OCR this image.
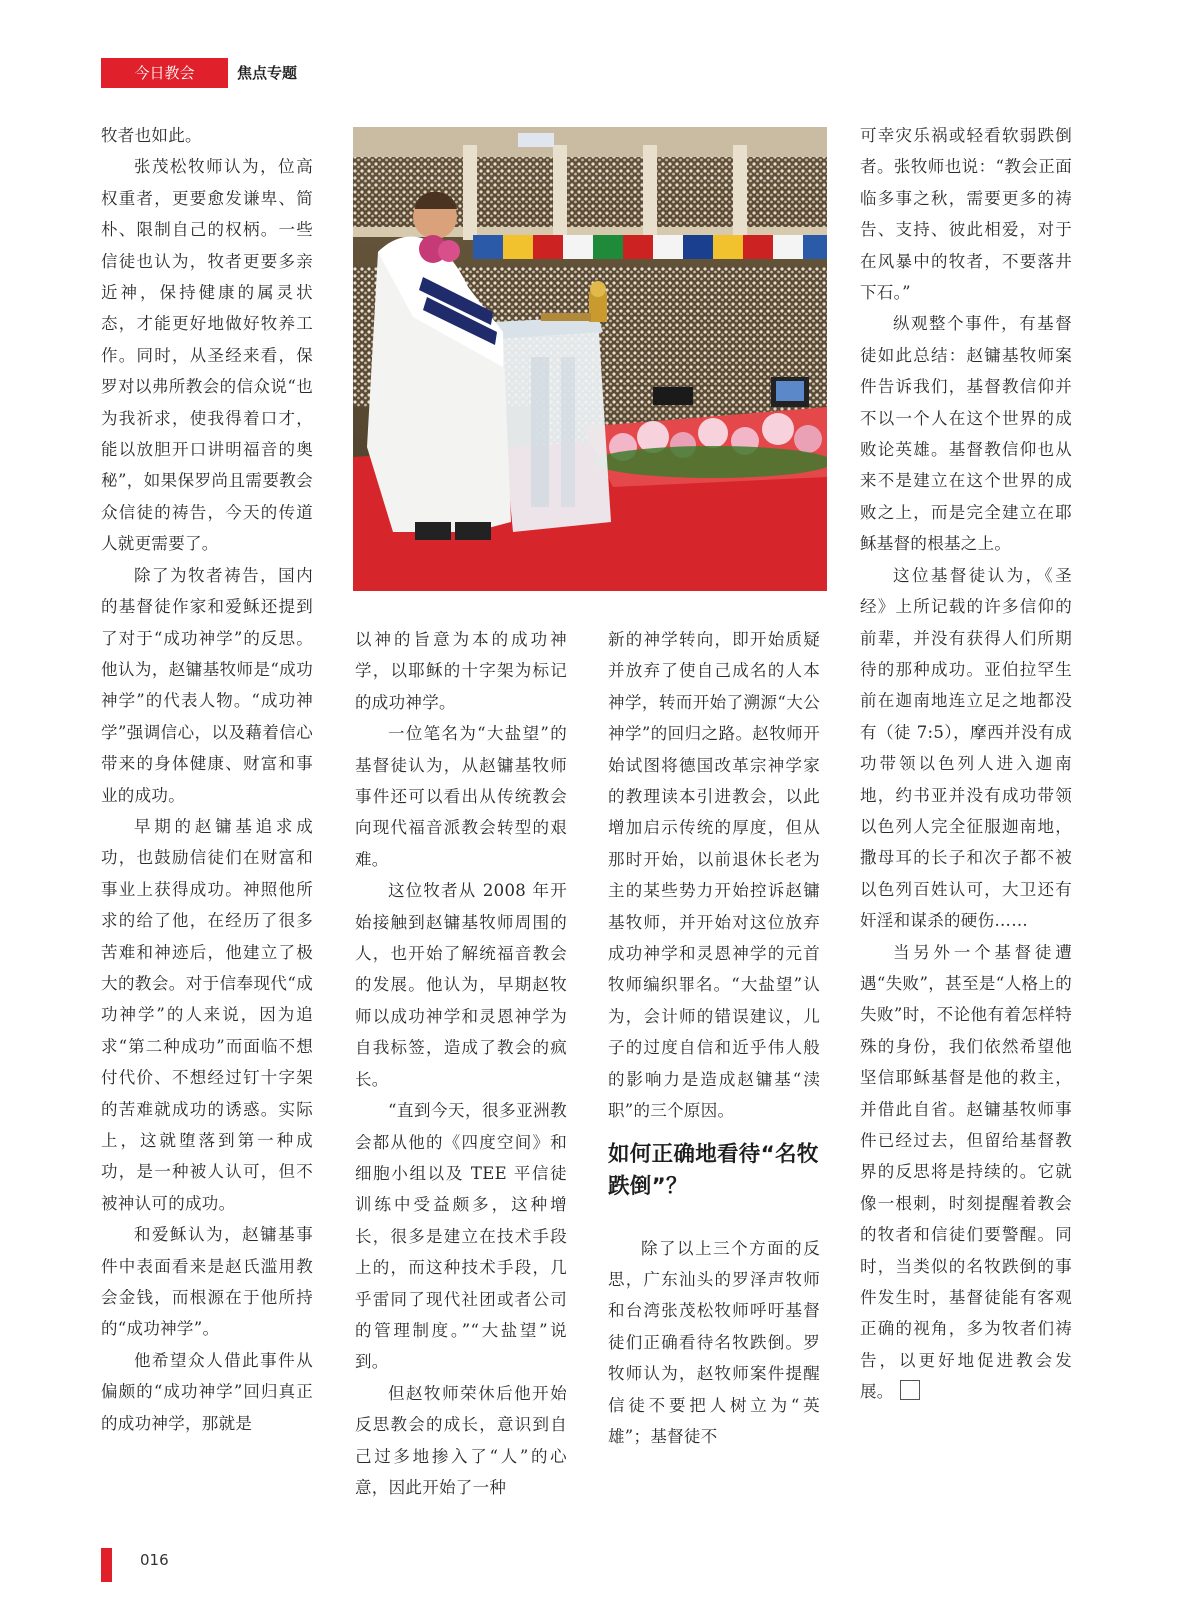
今日教会	焦点专题

牧者也如此。

张茂松牧师认为，位高权重者，更要愈发谦卑、简朴、限制自己的权柄。一些信徒也认为，牧者更要多亲近神，保持健康的属灵状态，才能更好地做好牧养工作。同时，从圣经来看，保罗对以弗所教会的信众说“也为我祈求，使我得着口才，能以放胆开口讲明福音的奥秘”，如果保罗尚且需要教会众信徒的祷告，今天的传道人就更需要了。

除了为牧者祷告，国内的基督徒作家和爱稣还提到了对于“成功神学”的反思。他认为，赵镛基牧师是“成功神学”的代表人物。“成功神学”强调信心，以及藉着信心带来的身体健康、财富和事业的成功。

早期的赵镛基追求成功，也鼓励信徒们在财富和事业上获得成功。神照他所求的给了他，在经历了很多苦难和神迹后，他建立了极大的教会。对于信奉现代“成功神学”的人来说，因为追求“第二种成功”而面临不想付代价、不想经过钉十字架的苦难就成功的诱惑。实际上，这就堕落到第一种成功，是一种被人认可，但不被神认可的成功。

和爱稣认为，赵镛基事件中表面看来是赵氏滥用教会金钱，而根源在于他所持的“成功神学”。

他希望众人借此事件从偏颇的“成功神学”回归真正的成功神学，那就是

以神的旨意为本的成功神学，以耶稣的十字架为标记的成功神学。

一位笔名为“大盐望”的基督徒认为，从赵镛基牧师事件还可以看出从传统教会向现代福音派教会转型的艰难。

这位牧者从 2008 年开始接触到赵镛基牧师周围的人，也开始了解统福音教会的发展。他认为，早期赵牧师以成功神学和灵恩神学为自我标签，造成了教会的疯长。

“直到今天，很多亚洲教会都从他的《四度空间》和细胞小组以及 TEE 平信徒训练中受益颇多，这种增长，很多是建立在技术手段上的，而这种技术手段，几乎雷同了现代社团或者公司的管理制度。”“大盐望”说到。

但赵牧师荣休后他开始反思教会的成长，意识到自己过多地掺入了“人”的心意，因此开始了一种

新的神学转向，即开始质疑并放弃了使自己成名的人本神学，转而开始了溯源“大公神学”的回归之路。赵牧师开始试图将德国改革宗神学家的教理读本引进教会，以此增加启示传统的厚度，但从那时开始，以前退休长老为主的某些势力开始控诉赵镛基牧师，并开始对这位放弃成功神学和灵恩神学的元首牧师编织罪名。“大盐望”认为，会计师的错误建议，儿子的过度自信和近乎伟人般的影响力是造成赵镛基“渎职”的三个原因。

如何正确地看待“名牧跌倒”？

除了以上三个方面的反思，广东汕头的罗泽声牧师和台湾张茂松牧师呼吁基督徒们正确看待名牧跌倒。罗牧师认为，赵牧师案件提醒信徒不要把人树立为“英雄”；基督徒不

可幸灾乐祸或轻看软弱跌倒者。张牧师也说：“教会正面临多事之秋，需要更多的祷告、支持、彼此相爱，对于在风暴中的牧者，不要落井下石。”

纵观整个事件，有基督徒如此总结：赵镛基牧师案件告诉我们，基督教信仰并不以一个人在这个世界的成败论英雄。基督教信仰也从来不是建立在这个世界的成败之上，而是完全建立在耶稣基督的根基之上。

这位基督徒认为，《圣经》上所记载的许多信仰的前辈，并没有获得人们所期待的那种成功。亚伯拉罕生前在迦南地连立足之地都没有（徒 7:5），摩西并没有成功带领以色列人进入迦南地，约书亚并没有成功带领以色列人完全征服迦南地，撒母耳的长子和次子都不被以色列百姓认可，大卫还有奸淫和谋杀的硬伤……

当另外一个基督徒遭遇“失败”，甚至是“人格上的失败”时，不论他有着怎样特殊的身份，我们依然希望他坚信耶稣基督是他的救主，并借此自省。赵镛基牧师事件已经过去，但留给基督教界的反思将是持续的。它就像一根刺，时刻提醒着教会的牧者和信徒们要警醒。同时，当类似的名牧跌倒的事件发生时，基督徒能有客观正确的视角，多为牧者们祷告，以更好地促进教会发展。

016
